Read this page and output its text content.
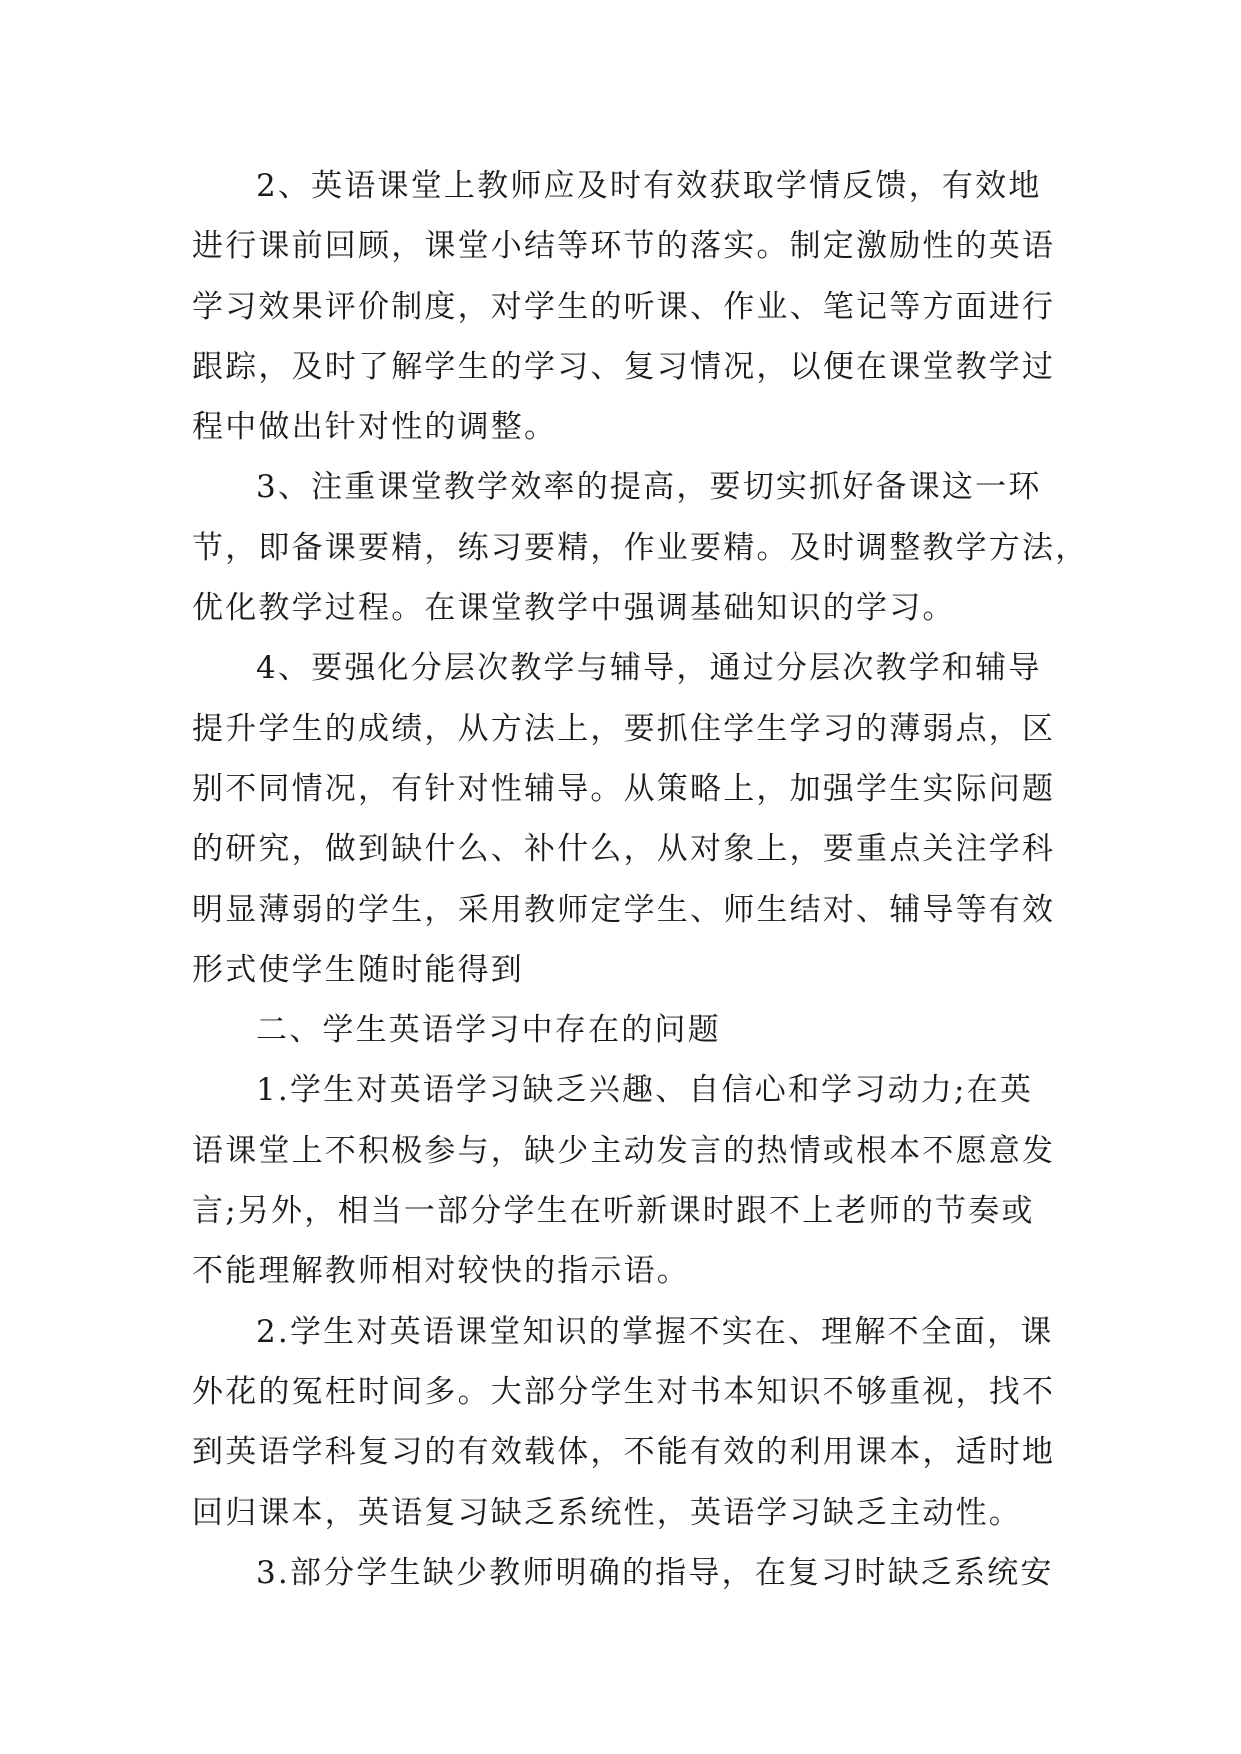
2、英语课堂上教师应及时有效获取学情反馈，有效地
进行课前回顾，课堂小结等环节的落实。制定激励性的英语
学习效果评价制度，对学生的听课、作业、笔记等方面进行
跟踪，及时了解学生的学习、复习情况，以便在课堂教学过
程中做出针对性的调整。
3、注重课堂教学效率的提高，要切实抓好备课这一环
节，即备课要精，练习要精，作业要精。及时调整教学方法，
优化教学过程。在课堂教学中强调基础知识的学习。
4、要强化分层次教学与辅导，通过分层次教学和辅导
提升学生的成绩，从方法上，要抓住学生学习的薄弱点，区
别不同情况，有针对性辅导。从策略上，加强学生实际问题
的研究，做到缺什么、补什么，从对象上，要重点关注学科
明显薄弱的学生，采用教师定学生、师生结对、辅导等有效
形式使学生随时能得到
二、学生英语学习中存在的问题
1.学生对英语学习缺乏兴趣、自信心和学习动力;在英
语课堂上不积极参与，缺少主动发言的热情或根本不愿意发
言;另外，相当一部分学生在听新课时跟不上老师的节奏或
不能理解教师相对较快的指示语。
2.学生对英语课堂知识的掌握不实在、理解不全面，课
外花的冤枉时间多。大部分学生对书本知识不够重视，找不
到英语学科复习的有效载体，不能有效的利用课本，适时地
回归课本，英语复习缺乏系统性，英语学习缺乏主动性。
3.部分学生缺少教师明确的指导，在复习时缺乏系统安
